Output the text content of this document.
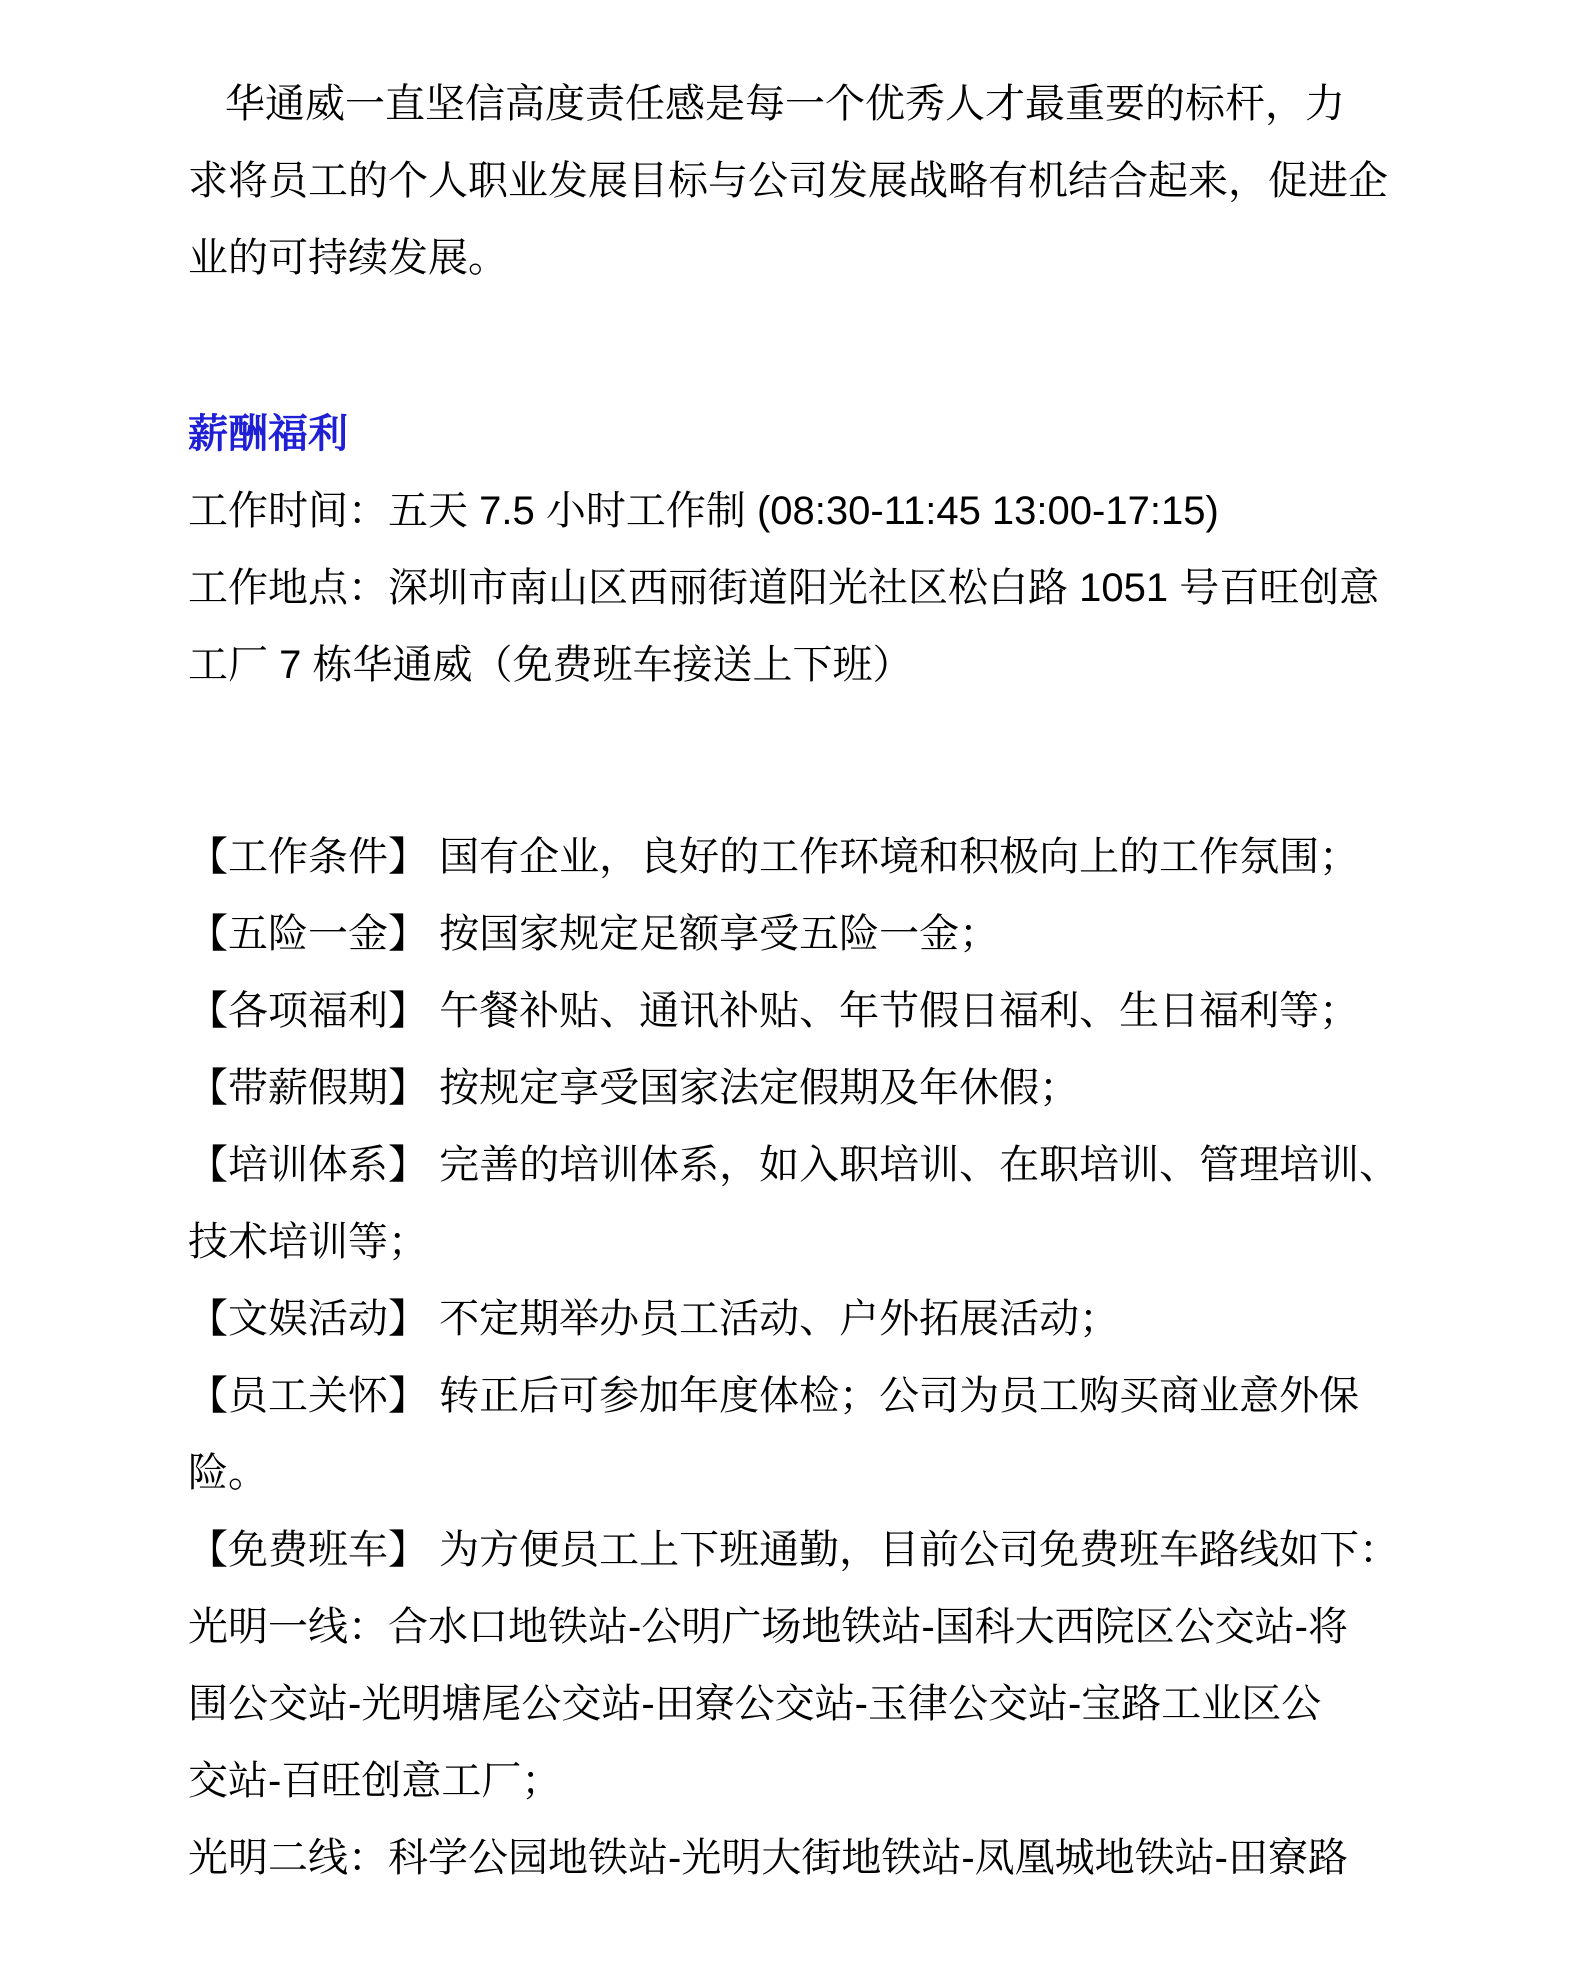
华通威一直坚信高度责任感是每一个优秀人才最重要的标杆，力
求将员工的个人职业发展目标与公司发展战略有机结合起来，促进企
业的可持续发展。
薪酬福利
工作时间：五天 7.5 小时工作制 (08:30-11:45 13:00-17:15)
工作地点：深圳市南山区西丽街道阳光社区松白路 1051 号百旺创意
工厂 7 栋华通威（免费班车接送上下班）
【工作条件】 国有企业，良好的工作环境和积极向上的工作氛围；
【五险一金】 按国家规定足额享受五险一金；
【各项福利】 午餐补贴、通讯补贴、年节假日福利、生日福利等；
【带薪假期】 按规定享受国家法定假期及年休假；
【培训体系】 完善的培训体系，如入职培训、在职培训、管理培训、
技术培训等；
【文娱活动】 不定期举办员工活动、户外拓展活动；
【员工关怀】 转正后可参加年度体检；公司为员工购买商业意外保
险。
【免费班车】 为方便员工上下班通勤，目前公司免费班车路线如下：
光明一线：合水口地铁站-公明广场地铁站-国科大西院区公交站-将
围公交站-光明塘尾公交站-田寮公交站-玉律公交站-宝路工业区公
交站-百旺创意工厂；
光明二线：科学公园地铁站-光明大街地铁站-凤凰城地铁站-田寮路
